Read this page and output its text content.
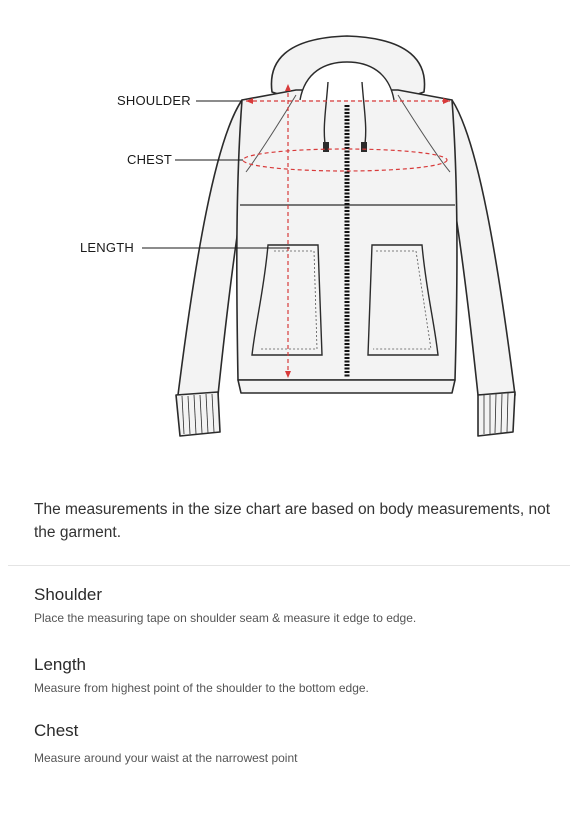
SHOULDER
CHEST
LENGTH
The measurements in the size chart are based on body measurements, not the garment.
Shoulder
Place the measuring tape on shoulder seam & measure it edge to edge.
Length
Measure from highest point of the shoulder to the bottom edge.
Chest
Measure around your waist at the narrowest point
